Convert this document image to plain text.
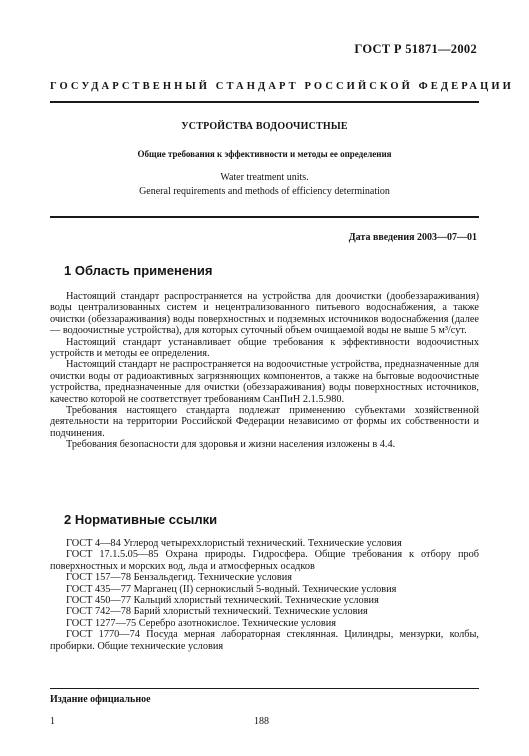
ГОСТ Р 51871—2002
ГОСУДАРСТВЕННЫЙ СТАНДАРТ РОССИЙСКОЙ ФЕДЕРАЦИИ
УСТРОЙСТВА ВОДООЧИСТНЫЕ
Общие требования к эффективности и методы ее определения
Water treatment units.
General requirements and methods of efficiency determination
Дата введения 2003—07—01
1 Область применения

Настоящий стандарт распространяется на устройства для доочистки (дообеззараживания) воды централизованных систем и нецентрализованного питьевого водоснабжения, а также очистки (обеззараживания) воды поверхностных и подземных источников водоснабжения (далее — водоочистные устройства), для которых суточный объем очищаемой воды не выше 5 м³/сут.

Настоящий стандарт устанавливает общие требования к эффективности водоочистных устройств и методы ее определения.

Настоящий стандарт не распространяется на водоочистные устройства, предназначенные для очистки воды от радиоактивных загрязняющих компонентов, а также на бытовые водоочистные устройства, предназначенные для очистки (обеззараживания) воды поверхностных источников, качество которой не соответствует требованиям СанПиН 2.1.5.980.

Требования настоящего стандарта подлежат применению субъектами хозяйственной деятельности на территории Российской Федерации независимо от формы их собственности и подчинения.

Требования безопасности для здоровья и жизни населения изложены в 4.4.

2 Нормативные ссылки

ГОСТ 4—84 Углерод четыреххлористый технический. Технические условия

ГОСТ 17.1.5.05—85 Охрана природы. Гидросфера. Общие требования к отбору проб поверхностных и морских вод, льда и атмосферных осадков

ГОСТ 157—78 Бензальдегид. Технические условия

ГОСТ 435—77 Марганец (II) сернокислый 5-водный. Технические условия

ГОСТ 450—77 Кальций хлористый технический. Технические условия

ГОСТ 742—78 Барий хлористый технический. Технические условия

ГОСТ 1277—75 Серебро азотнокислое. Технические условия

ГОСТ 1770—74 Посуда мерная лабораторная стеклянная. Цилиндры, мензурки, колбы, пробирки. Общие технические условия

Издание официальное
1	188
